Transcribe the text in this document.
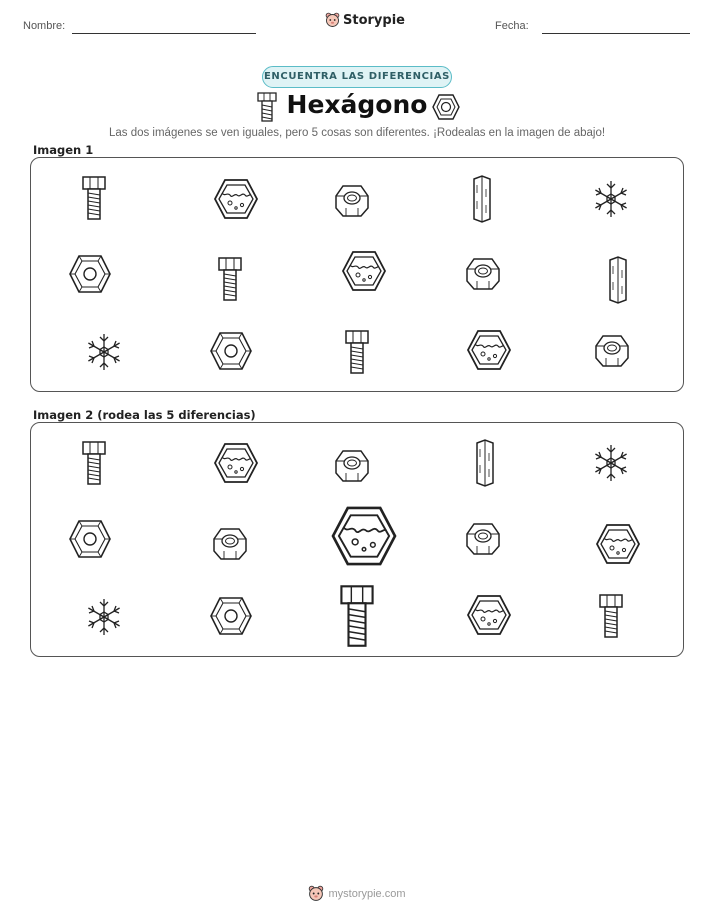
Nombre:	Storypie	Fecha:
ENCUENTRA LAS DIFERENCIAS
Hexágono
Las dos imágenes se ven iguales, pero 5 cosas son diferentes. ¡Rodealas en la imagen de abajo!
Imagen 1
Imagen 2 (rodea las 5 diferencias)
mystorypie.com
